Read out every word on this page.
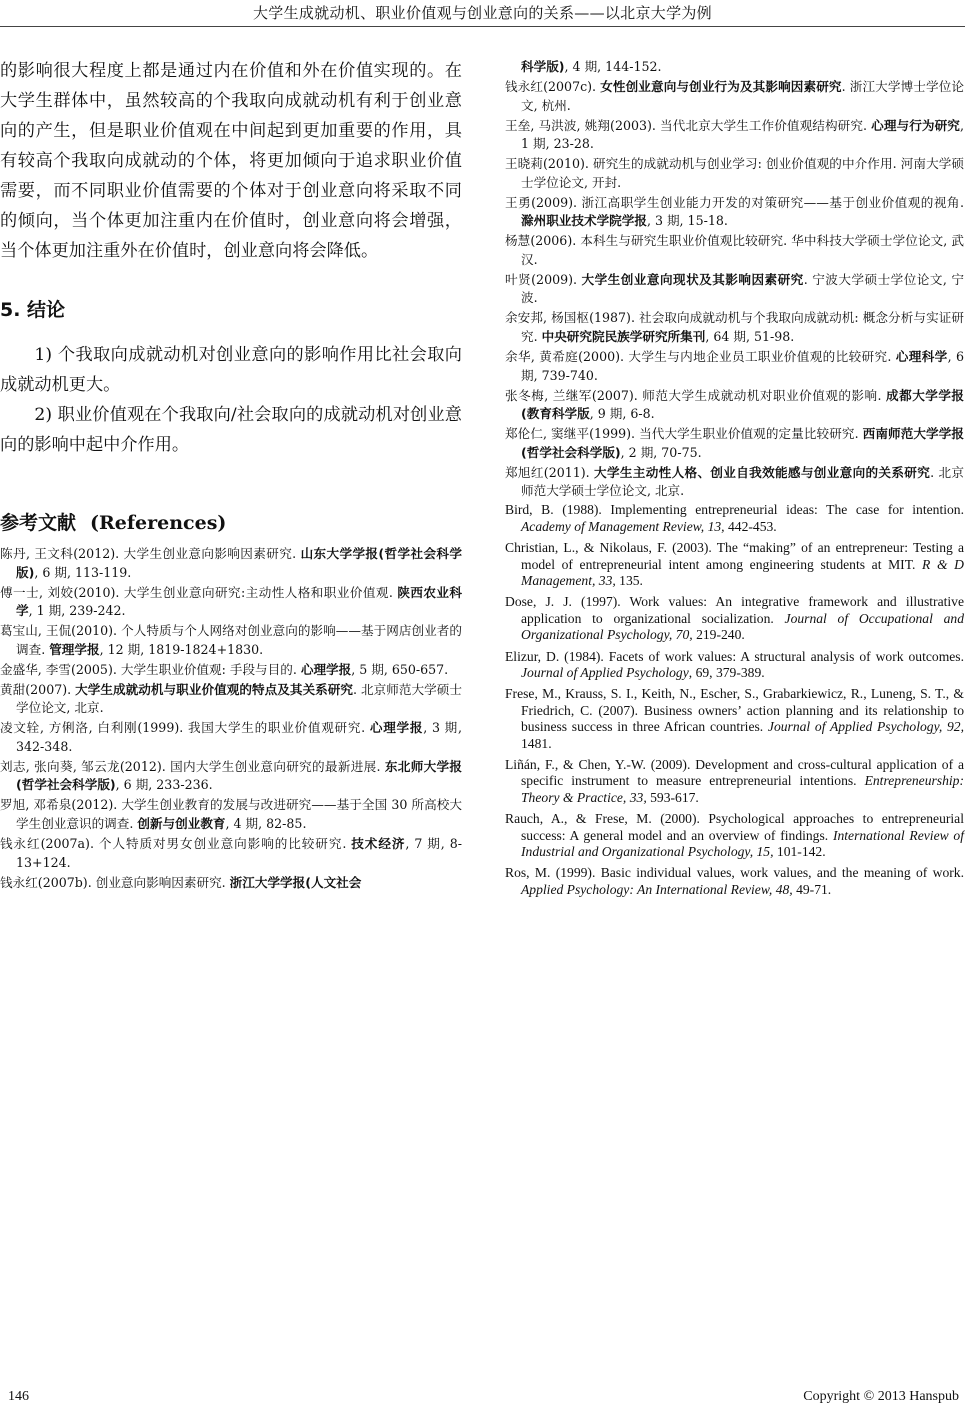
大学生成就动机、职业价值观与创业意向的关系——以北京大学为例

的影响很大程度上都是通过内在价值和外在价值实现的。在大学生群体中，虽然较高的个我取向成就动机有利于创业意向的产生，但是职业价值观在中间起到更加重要的作用，具有较高个我取向成就动的个体，将更加倾向于追求职业价值需要，而不同职业价值需要的个体对于创业意向将采取不同的倾向，当个体更加注重内在价值时，创业意向将会增强，当个体更加注重外在价值时，创业意向将会降低。

5. 结论

1) 个我取向成就动机对创业意向的影响作用比社会取向成就动机更大。

2) 职业价值观在个我取向/社会取向的成就动机对创业意向的影响中起中介作用。

参考文献 (References)

陈丹, 王文科(2012). 大学生创业意向影响因素研究. 山东大学学报(哲学社会科学版), 6 期, 113-119.

傅一士, 刘姣(2010). 大学生创业意向研究:主动性人格和职业价值观. 陕西农业科学, 1 期, 239-242.

葛宝山, 王侃(2010). 个人特质与个人网络对创业意向的影响——基于网店创业者的调查. 管理学报, 12 期, 1819-1824+1830.

金盛华, 李雪(2005). 大学生职业价值观: 手段与目的. 心理学报, 5 期, 650-657.

黄甜(2007). 大学生成就动机与职业价值观的特点及其关系研究. 北京师范大学硕士学位论文, 北京.

凌文辁, 方俐洛, 白利刚(1999). 我国大学生的职业价值观研究. 心理学报, 3 期, 342-348.

刘志, 张向葵, 邹云龙(2012). 国内大学生创业意向研究的最新进展. 东北师大学报(哲学社会科学版), 6 期, 233-236.

罗旭, 邓希泉(2012). 大学生创业教育的发展与改进研究——基于全国 30 所高校大学生创业意识的调查. 创新与创业教育, 4 期, 82-85.

钱永红(2007a). 个人特质对男女创业意向影响的比较研究. 技术经济, 7 期, 8-13+124.

钱永红(2007b). 创业意向影响因素研究. 浙江大学学报(人文社会

科学版), 4 期, 144-152.

钱永红(2007c). 女性创业意向与创业行为及其影响因素研究. 浙江大学博士学位论文, 杭州.

王垒, 马洪波, 姚翔(2003). 当代北京大学生工作价值观结构研究. 心理与行为研究, 1 期, 23-28.

王晓莉(2010). 研究生的成就动机与创业学习: 创业价值观的中介作用. 河南大学硕士学位论文, 开封.

王勇(2009). 浙江高职学生创业能力开发的对策研究——基于创业价值观的视角. 滁州职业技术学院学报, 3 期, 15-18.

杨慧(2006). 本科生与研究生职业价值观比较研究. 华中科技大学硕士学位论文, 武汉.

叶贤(2009). 大学生创业意向现状及其影响因素研究. 宁波大学硕士学位论文, 宁波.

余安邦, 杨国枢(1987). 社会取向成就动机与个我取向成就动机: 概念分析与实证研究. 中央研究院民族学研究所集刊, 64 期, 51-98.

余华, 黄希庭(2000). 大学生与内地企业员工职业价值观的比较研究. 心理科学, 6 期, 739-740.

张冬梅, 兰继军(2007). 师范大学生成就动机对职业价值观的影响. 成都大学学报(教育科学版, 9 期, 6-8.

郑伦仁, 窦继平(1999). 当代大学生职业价值观的定量比较研究. 西南师范大学学报(哲学社会科学版), 2 期, 70-75.

郑旭红(2011). 大学生主动性人格、创业自我效能感与创业意向的关系研究. 北京师范大学硕士学位论文, 北京.

Bird, B. (1988). Implementing entrepreneurial ideas: The case for intention. Academy of Management Review, 13, 442-453.

Christian, L., & Nikolaus, F. (2003). The “making” of an entrepreneur: Testing a model of entrepreneurial intent among engineering students at MIT. R & D Management, 33, 135.

Dose, J. J. (1997). Work values: An integrative framework and illustrative application to organizational socialization. Journal of Occupational and Organizational Psychology, 70, 219-240.

Elizur, D. (1984). Facets of work values: A structural analysis of work outcomes. Journal of Applied Psychology, 69, 379-389.

Frese, M., Krauss, S. I., Keith, N., Escher, S., Grabarkiewicz, R., Luneng, S. T., & Friedrich, C. (2007). Business owners’ action planning and its relationship to business success in three African countries. Journal of Applied Psychology, 92, 1481.

Liñán, F., & Chen, Y.-W. (2009). Development and cross-cultural application of a specific instrument to measure entrepreneurial intentions. Entrepreneurship: Theory & Practice, 33, 593-617.

Rauch, A., & Frese, M. (2000). Psychological approaches to entrepreneurial success: A general model and an overview of findings. International Review of Industrial and Organizational Psychology, 15, 101-142.

Ros, M. (1999). Basic individual values, work values, and the meaning of work. Applied Psychology: An International Review, 48, 49-71.

146	Copyright © 2013 Hanspub
